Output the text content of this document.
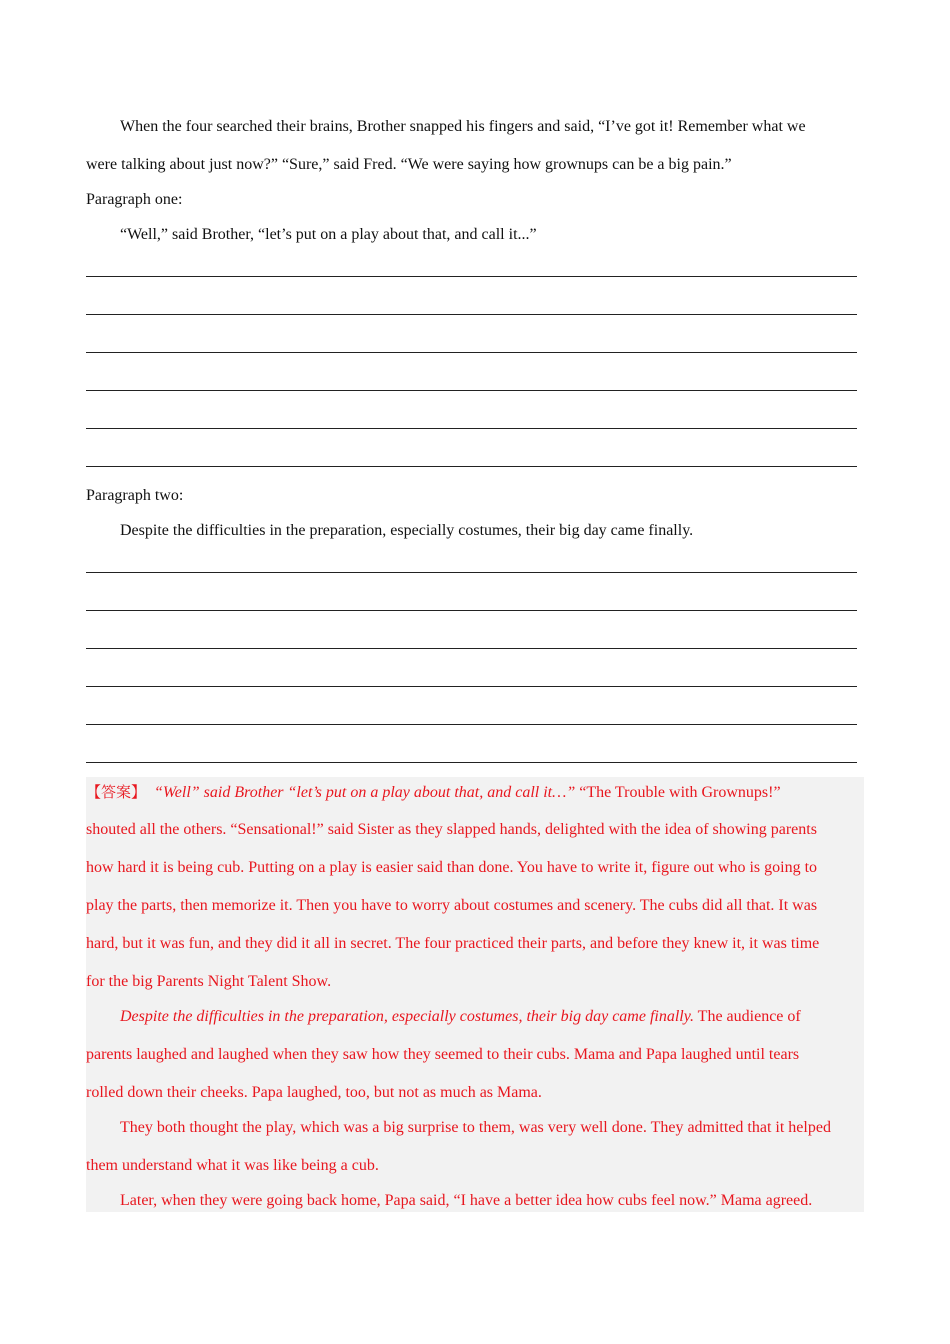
When the four searched their brains, Brother snapped his fingers and said, “I’ve got it! Remember what we
were talking about just now?” “Sure,” said Fred. “We were saying how grownups can be a big pain.”
Paragraph one:
“Well,” said Brother, “let’s put on a play about that, and call it...”
Paragraph two:
Despite the difficulties in the preparation, especially costumes, their big day came finally.
【答案】 “Well” said Brother “let’s put on a play about that, and call it…” “The Trouble with Grownups!”
shouted all the others. “Sensational!” said Sister as they slapped hands, delighted with the idea of showing parents
how hard it is being cub. Putting on a play is easier said than done. You have to write it, figure out who is going to
play the parts, then memorize it. Then you have to worry about costumes and scenery. The cubs did all that. It was
hard, but it was fun, and they did it all in secret. The four practiced their parts, and before they knew it, it was time
for the big Parents Night Talent Show.
Despite the difficulties in the preparation, especially costumes, their big day came finally. The audience of
parents laughed and laughed when they saw how they seemed to their cubs. Mama and Papa laughed until tears
rolled down their cheeks. Papa laughed, too, but not as much as Mama.
They both thought the play, which was a big surprise to them, was very well done. They admitted that it helped
them understand what it was like being a cub.
Later, when they were going back home, Papa said, “I have a better idea how cubs feel now.” Mama agreed.
